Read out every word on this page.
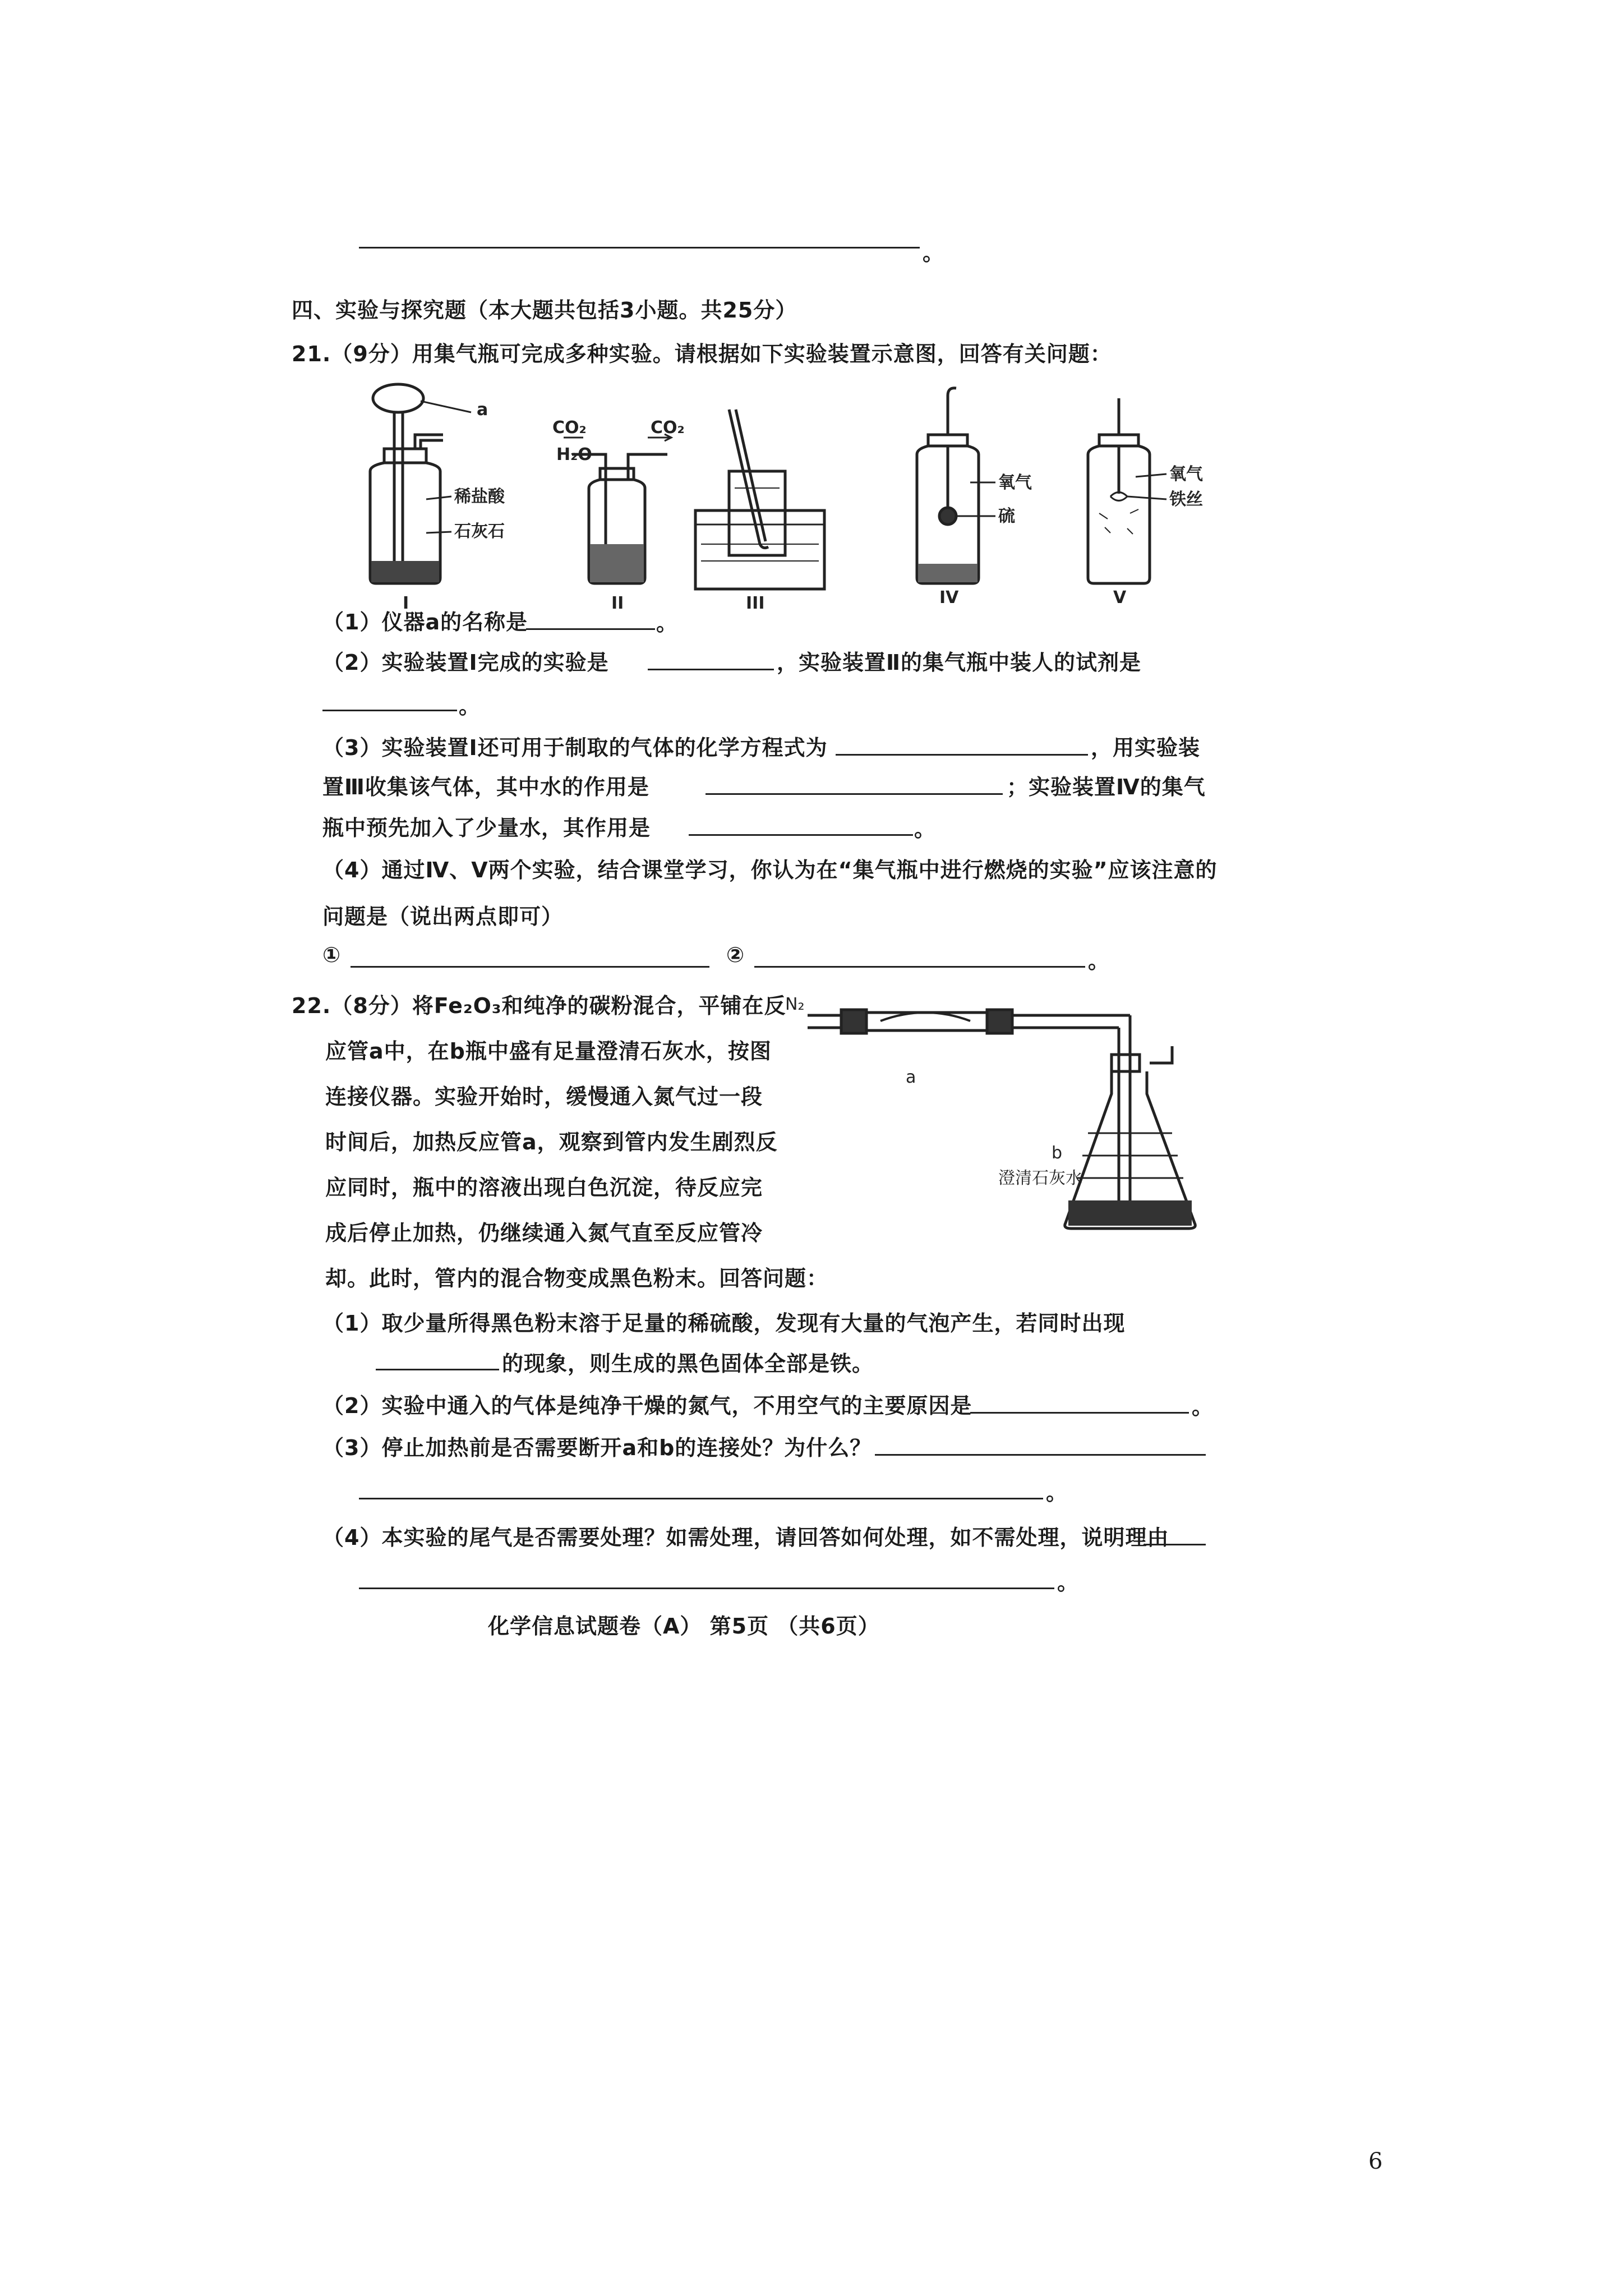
。
四、实验与探究题（本大题共包括3小题。共25分）
21.（9分）用集气瓶可完成多种实验。请根据如下实验装置示意图，回答有关问题：
a
稀盐酸
石灰石
CO₂
H₂O
CO₂
氧气
硫
氧气
铁丝
I	II	III	IV	V
（1）仪器a的名称是	。
（2）实验装置Ⅰ完成的实验是	，实验装置Ⅱ的集气瓶中装人的试剂是
。
（3）实验装置Ⅰ还可用于制取的气体的化学方程式为	，用实验装
置Ⅲ收集该气体，其中水的作用是	；实验装置Ⅳ的集气
瓶中预先加入了少量水，其作用是	。
（4）通过Ⅳ、Ⅴ两个实验，结合课堂学习，你认为在“集气瓶中进行燃烧的实验”应该注意的
问题是（说出两点即可）
①	②	。
22.（8分）将Fe₂O₃和纯净的碳粉混合，平铺在反
应管a中，在b瓶中盛有足量澄清石灰水，按图
连接仪器。实验开始时，缓慢通入氮气过一段
时间后，加热反应管a，观察到管内发生剧烈反
应同时，瓶中的溶液出现白色沉淀，待反应完
成后停止加热，仍继续通入氮气直至反应管冷
却。此时，管内的混合物变成黑色粉末。回答问题：
N₂
a
b
澄清石灰水
（1）取少量所得黑色粉末溶于足量的稀硫酸，发现有大量的气泡产生，若同时出现
的现象，则生成的黑色固体全部是铁。
（2）实验中通入的气体是纯净干燥的氮气，不用空气的主要原因是	。
（3）停止加热前是否需要断开a和b的连接处？为什么？
。
（4）本实验的尾气是否需要处理？如需处理，请回答如何处理，如不需处理，说明理由
。
化学信息试题卷（A） 第5页 （共6页）
6
